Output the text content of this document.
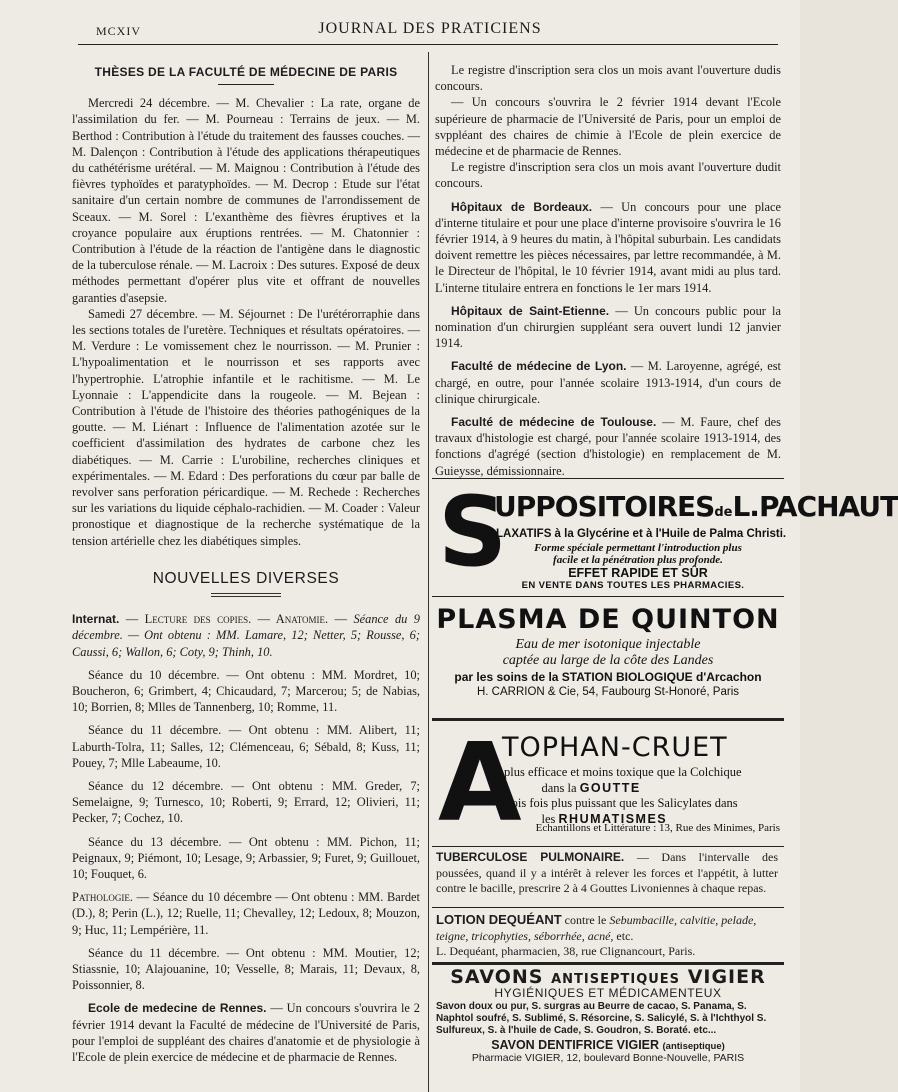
MCXIV	JOURNAL DES PRATICIENS
THÈSES DE LA FACULTÉ DE MÉDECINE DE PARIS

Mercredi 24 décembre. — M. Chevalier : La rate, organe de l'assimilation du fer. — M. Pourneau : Terrains de jeux. — M. Berthod : Contribution à l'étude du traitement des fausses couches. — M. Dalençon : Contribution à l'étude des applications thérapeutiques du cathétérisme urétéral. — M. Maignou : Contribution à l'étude des fièvres typhoïdes et paratyphoïdes. — M. Decrop : Etude sur l'état sanitaire d'un certain nombre de communes de l'arrondissement de Sceaux. — M. Sorel : L'exanthème des fièvres éruptives et la croyance populaire aux éruptions rentrées. — M. Chatonnier : Contribution à l'étude de la réaction de l'antigène dans le diagnostic de la tuberculose rénale. — M. Lacroix : Des sutures. Exposé de deux méthodes permettant d'opérer plus vite et offrant de nouvelles garanties d'asepsie.

Samedi 27 décembre. — M. Séjournet : De l'urétérorraphie dans les sections totales de l'uretère. Techniques et résultats opératoires. — M. Verdure : Le vomissement chez le nourrisson. — M. Prunier : L'hypoalimentation et le nourrisson et ses rapports avec l'hypertrophie. L'atrophie infantile et le rachitisme. — M. Le Lyonnaie : L'appendicite dans la rougeole. — M. Bejean : Contribution à l'étude de l'histoire des théories pathogéniques de la goutte. — M. Liénart : Influence de l'alimentation azotée sur le coefficient d'assimilation des hydrates de carbone chez les diabétiques. — M. Carrie : L'urobiline, recherches cliniques et expérimentales. — M. Edard : Des perforations du cœur par balle de revolver sans perforation péricardique. — M. Rechede : Recherches sur les variations du liquide céphalo-rachidien. — M. Coader : Valeur pronostique et diagnostique de la recherche systématique de la tension artérielle chez les diabétiques simples.

NOUVELLES DIVERSES

Internat. — Lecture des copies. — Anatomie. — Séance du 9 décembre. — Ont obtenu : MM. Lamare, 12; Netter, 5; Rousse, 6; Caussi, 6; Wallon, 6; Coty, 9; Thinh, 10.

Séance du 10 décembre. — Ont obtenu : MM. Mordret, 10; Boucheron, 6; Grimbert, 4; Chicaudard, 7; Marcerou; 5; de Nabias, 10; Borrien, 8; Mlles de Tannenberg, 10; Romme, 11.

Séance du 11 décembre. — Ont obtenu : MM. Alibert, 11; Laburth-Tolra, 11; Salles, 12; Clémenceau, 6; Sébald, 8; Kuss, 11; Pouey, 7; Mlle Labeaume, 10.

Séance du 12 décembre. — Ont obtenu : MM. Greder, 7; Semelaigne, 9; Turnesco, 10; Roberti, 9; Errard, 12; Olivieri, 11; Pecker, 7; Cochez, 10.

Séance du 13 décembre. — Ont obtenu : MM. Pichon, 11; Peignaux, 9; Piémont, 10; Lesage, 9; Arbassier, 9; Furet, 9; Guillouet, 10; Fouquet, 6.

Pathologie. — Séance du 10 décembre — Ont obtenu : MM. Bardet (D.), 8; Perin (L.), 12; Ruelle, 11; Chevalley, 12; Ledoux, 8; Mouzon, 9; Huc, 11; Lempérière, 11.

Séance du 11 décembre. — Ont obtenu : MM. Moutier, 12; Stiassnie, 10; Alajouanine, 10; Vesselle, 8; Marais, 11; Devaux, 8, Poissonnier, 8.

Ecole de medecine de Rennes. — Un concours s'ouvrira le 2 février 1914 devant la Faculté de médecine de l'Université de Paris, pour l'emploi de suppléant des chaires d'anatomie et de physiologie à l'Ecole de plein exercice de médecine et de pharmacie de Rennes.

Le registre d'inscription sera clos un mois avant l'ouverture dudis concours.

— Un concours s'ouvrira le 2 février 1914 devant l'Ecole supérieure de pharmacie de l'Université de Paris, pour un emploi de svppléant des chaires de chimie à l'Ecole de plein exercice de médecine et de pharmacie de Rennes.

Le registre d'inscription sera clos un mois avant l'ouverture dudit concours.

Hôpitaux de Bordeaux. — Un concours pour une place d'interne titulaire et pour une place d'interne provisoire s'ouvrira le 16 février 1914, à 9 heures du matin, à l'hôpital suburbain. Les candidats doivent remettre les pièces nécessaires, par lettre recommandée, à M. le Directeur de l'hôpital, le 10 février 1914, avant midi au plus tard. L'interne titulaire entrera en fonctions le 1er mars 1914.

Hôpitaux de Saint-Etienne. — Un concours public pour la nomination d'un chirurgien suppléant sera ouvert lundi 12 janvier 1914.

Faculté de médecine de Lyon. — M. Laroyenne, agrégé, est chargé, en outre, pour l'année scolaire 1913-1914, d'un cours de clinique chirurgicale.

Faculté de médecine de Toulouse. — M. Faure, chef des travaux d'histologie est chargé, pour l'année scolaire 1913-1914, des fonctions d'agrégé (section d'histologie) en remplacement de M. Guieysse, démissionnaire.

S
UPPOSITOIRESdeL.PACHAUT
LAXATIFS à la Glycérine et à l'Huile de Palma Christi.
Forme spéciale permettant l'introduction plus
facile et la pénétration plus profonde.
EFFET RAPIDE ET SÛR
EN VENTE DANS TOUTES LES PHARMACIES.
PLASMA DE QUINTON
Eau de mer isotonique injectable
captée au large de la côte des Landes
par les soins de la STATION BIOLOGIQUE d'Arcachon
H. CARRION & Cie, 54, Faubourg St-Honoré, Paris
A
TOPHAN-CRUET
plus efficace et moins toxique que la Colchique
dans la GOUTTE
trois fois plus puissant que les Salicylates dans
les RHUMATISMES
Echantillons et Littérature : 13, Rue des Minimes, Paris
TUBERCULOSE PULMONAIRE. — Dans l'intervalle des poussées, quand il y a intérêt à relever les forces et l'appétit, à lutter contre le bacille, prescrire 2 à 4 Gouttes Livoniennes à chaque repas.
LOTION DEQUÉANT contre le Sebumbacille, calvitie, pelade, teigne, tricophyties, séborrhée, acné, etc.
L. Dequéant, pharmacien, 38, rue Clignancourt, Paris.
SAVONS ANTISEPTIQUES VIGIER
HYGIÉNIQUES ET MÉDICAMENTEUX
Savon doux ou pur, S. surgras au Beurre de cacao, S. Panama, S. Naphtol soufré, S. Sublimé, S. Résorcine, S. Salicylé, S. à l'Ichthyol S. Sulfureux, S. à l'huile de Cade, S. Goudron, S. Boraté. etc...
SAVON DENTIFRICE VIGIER (antiseptique)
Pharmacie VIGIER, 12, boulevard Bonne-Nouvelle, PARIS
